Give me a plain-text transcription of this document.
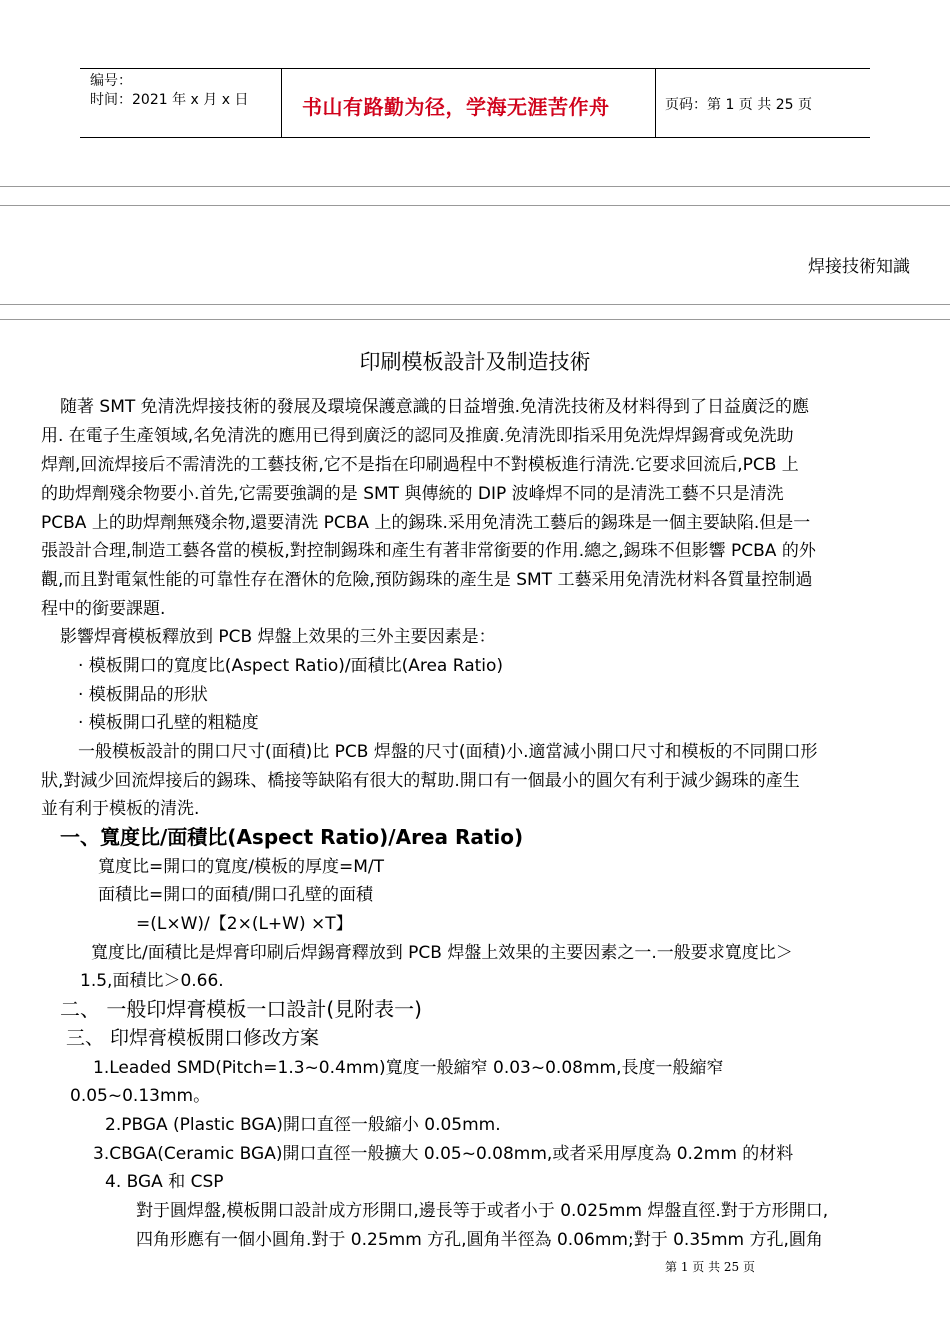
编号：
时间：2021 年 x 月 x 日	书山有路勤为径，学海无涯苦作舟	页码：第 1 页 共 25 页
焊接技術知識
印刷模板設計及制造技術
随著 SMT 免清洗焊接技術的發展及環境保護意識的日益增強.免清洗技術及材料得到了日益廣泛的應
用. 在電子生產領域,名免清洗的應用已得到廣泛的認同及推廣.免清洗即指采用免洗焊焊錫膏或免洗助
焊劑,回流焊接后不需清洗的工藝技術,它不是指在印刷過程中不對模板進行清洗.它要求回流后,PCB 上
的助焊劑殘余物要小.首先,它需要強調的是 SMT 與傳統的 DIP 波峰焊不同的是清洗工藝不只是清洗
PCBA 上的助焊劑無殘余物,還要清洗 PCBA 上的錫珠.采用免清洗工藝后的錫珠是一個主要缺陷.但是一
張設計合理,制造工藝各當的模板,對控制錫珠和產生有著非常銜要的作用.總之,錫珠不但影響 PCBA 的外
觀,而且對電氣性能的可靠性存在潛休的危險,預防錫珠的產生是 SMT 工藝采用免清洗材料各質量控制過
程中的銜要課題.
影響焊膏模板釋放到 PCB 焊盤上效果的三外主要因素是：
· 模板開口的寬度比(Aspect Ratio)/面積比(Area Ratio)
· 模板開品的形狀
· 模板開口孔壁的粗糙度
一般模板設計的開口尺寸(面積)比 PCB 焊盤的尺寸(面積)小.適當減小開口尺寸和模板的不同開口形
狀,對減少回流焊接后的錫珠、橋接等缺陷有很大的幫助.開口有一個最小的圓欠有利于減少錫珠的產生
並有利于模板的清洗.
一、寬度比/面積比(Aspect Ratio)/Area Ratio)
寬度比=開口的寬度/模板的厚度=M/T
面積比=開口的面積/開口孔壁的面積
=(L×W)/【2×(L+W) ×T】
寬度比/面積比是焊膏印刷后焊錫膏釋放到 PCB 焊盤上效果的主要因素之一.一般要求寬度比＞
1.5,面積比＞0.66.
二、 一般印焊膏模板一口設計(見附表一)
三、 印焊膏模板開口修改方案
1.Leaded SMD(Pitch=1.3~0.4mm)寬度一般縮窄 0.03~0.08mm,長度一般縮窄
0.05~0.13mm。
2.PBGA (Plastic BGA)開口直徑一般縮小 0.05mm.
3.CBGA(Ceramic BGA)開口直徑一般擴大 0.05~0.08mm,或者采用厚度為 0.2mm 的材料
4. BGA 和 CSP
對于圓焊盤,模板開口設計成方形開口,邊長等于或者小于 0.025mm 焊盤直徑.對于方形開口,
四角形應有一個小圓角.對于 0.25mm 方孔,圓角半徑為 0.06mm;對于 0.35mm 方孔,圓角
第 1 页 共 25 页
